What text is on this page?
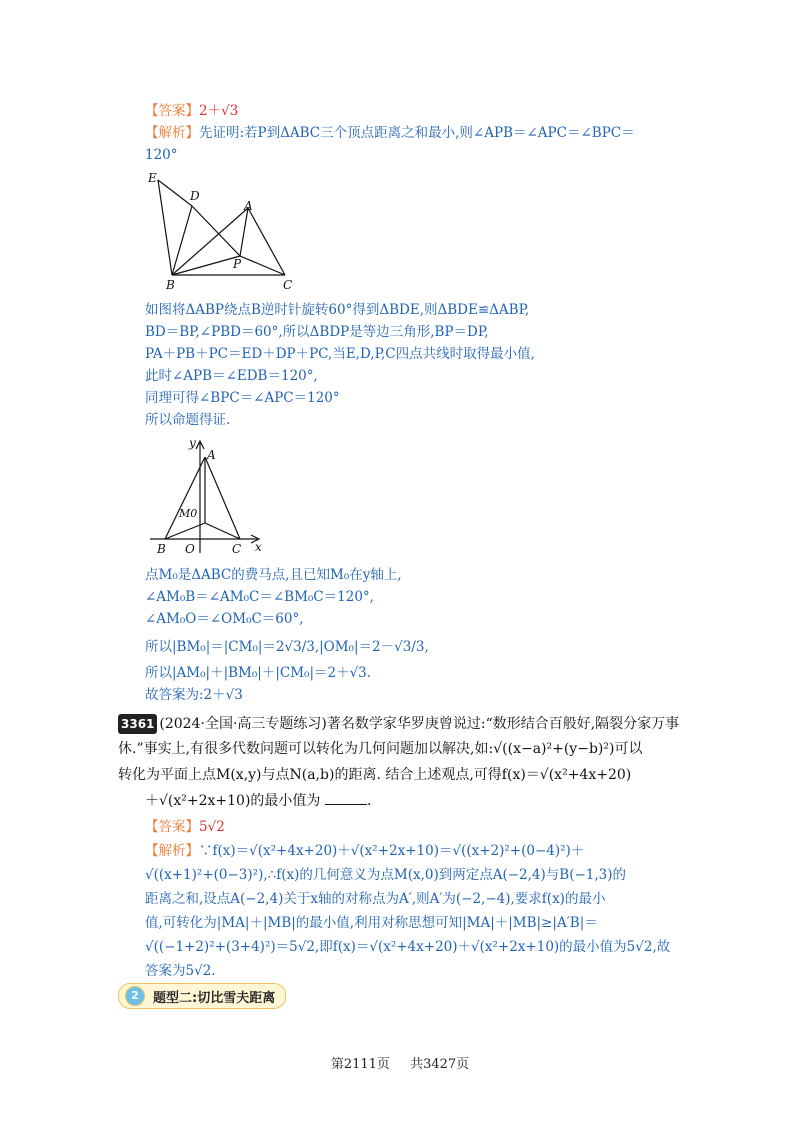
【答案】2＋√3
【解析】先证明:若P到ΔABC三个顶点距离之和最小,则∠APB＝∠APC＝∠BPC＝
120°
E
D
A
P
B	C
如图将ΔABP绕点B逆时针旋转60°得到ΔBDE,则ΔBDE≌ΔABP,
BD＝BP,∠PBD＝60°,所以ΔBDP是等边三角形,BP＝DP,
PA＋PB＋PC＝ED＋DP＋PC,当E,D,P,C四点共线时取得最小值,
此时∠APB＝∠EDB＝120°,
同理可得∠BPC＝∠APC＝120°
所以命题得证.
y
A
M0
B O	C x
点M₀是ΔABC的费马点,且已知M₀在y轴上,
∠AM₀B＝∠AM₀C＝∠BM₀C＝120°,
∠AM₀O＝∠OM₀C＝60°,
所以|BM₀|＝|CM₀|＝2√3/3,|OM₀|＝2－√3/3,
所以|AM₀|＋|BM₀|＋|CM₀|＝2＋√3.
故答案为:2＋√3
3361 (2024·全国·高三专题练习)著名数学家华罗庚曾说过:“数形结合百般好,隔裂分家万事
休.”事实上,有很多代数问题可以转化为几何问题加以解决,如:√((x−a)²+(y−b)²)可以
转化为平面上点M(x,y)与点N(a,b)的距离. 结合上述观点,可得f(x)＝√(x²+4x+20)
＋√(x²+2x+10)的最小值为	.
【答案】5√2
【解析】∵f(x)＝√(x²+4x+20)＋√(x²+2x+10)＝√((x+2)²+(0−4)²)＋
√((x+1)²+(0−3)²),∴f(x)的几何意义为点M(x,0)到两定点A(−2,4)与B(−1,3)的
距离之和,设点A(−2,4)关于x轴的对称点为A′,则A′为(−2,−4),要求f(x)的最小
值,可转化为|MA|＋|MB|的最小值,利用对称思想可知|MA|＋|MB|≥|A′B|＝
√((−1+2)²+(3+4)²)＝5√2,即f(x)＝√(x²+4x+20)＋√(x²+2x+10)的最小值为5√2,故
答案为5√2.
2	题型二:切比雪夫距离
第2111页 共3427页
